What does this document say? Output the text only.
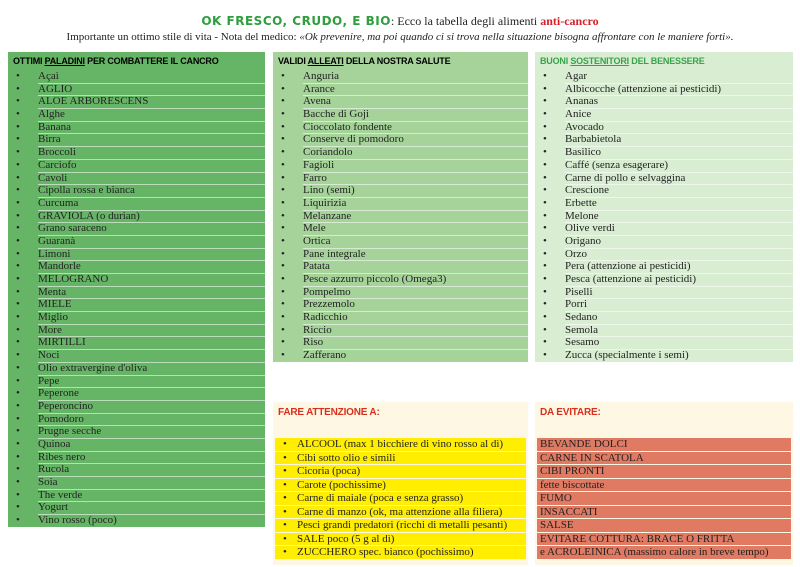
OK FRESCO, CRUDO, E BIO: Ecco la tabella degli alimenti anti-cancro
Importante un ottimo stile di vita - Nota del medico: «Ok prevenire, ma poi quando ci si trova nella situazione bisogna affrontare con le maniere forti».
OTTIMI PALADINI PER COMBATTERE IL CANCRO
• Açaì
• AGLIO
• ALOE ARBORESCENS
• Alghe
• Banana
• Birra
• Broccoli
• Carciofo
• Cavoli
• Cipolla rossa e bianca
• Curcuma
• GRAVIOLA (o durian)
• Grano saraceno
• Guaranà
• Limoni
• Mandorle
• MELOGRANO
• Menta
• MIELE
• Miglio
• More
• MIRTILLI
• Noci
• Olio extravergine d'oliva
• Pepe
• Peperone
• Peperoncino
• Pomodoro
• Prugne secche
• Quinoa
• Ribes nero
• Rucola
• Soia
• The verde
• Yogurt
• Vino rosso (poco)
VALIDI ALLEATI DELLA NOSTRA SALUTE
• Anguria
• Arance
• Avena
• Bacche di Goji
• Cioccolato fondente
• Conserve di pomodoro
• Coriandolo
• Fagioli
• Farro
• Lino (semi)
• Liquirizia
• Melanzane
• Mele
• Ortica
• Pane integrale
• Patata
• Pesce azzurro piccolo (Omega3)
• Pompelmo
• Prezzemolo
• Radicchio
• Riccio
• Riso
• Zafferano
BUONI SOSTENITORI DEL BENESSERE
• Agar
• Albicocche (attenzione ai pesticidi)
• Ananas
• Anice
• Avocado
• Barbabietola
• Basilico
• Caffé (senza esagerare)
• Carne di pollo e selvaggina
• Crescione
• Erbette
• Melone
• Olive verdi
• Origano
• Orzo
• Pera (attenzione ai pesticidi)
• Pesca (attenzione ai pesticidi)
• Piselli
• Porri
• Sedano
• Semola
• Sesamo
• Zucca (specialmente i semi)
FARE ATTENZIONE A:
• ALCOOL (max 1 bicchiere di vino rosso al dì)
• Cibi sotto olio e simili
• Cicoria (poca)
• Carote (pochissime)
• Carne di maiale (poca e senza grasso)
• Carne di manzo (ok, ma attenzione alla filiera)
• Pesci grandi predatori (ricchi di metalli pesanti)
• SALE poco (5 g al dì)
• ZUCCHERO spec. bianco (pochissimo)
DA EVITARE:
BEVANDE DOLCI
CARNE IN SCATOLA
CIBI PRONTI
fette biscottate
FUMO
INSACCATI
SALSE
EVITARE COTTURA: BRACE O FRITTA
e ACROLEINICA (massimo calore in breve tempo)
